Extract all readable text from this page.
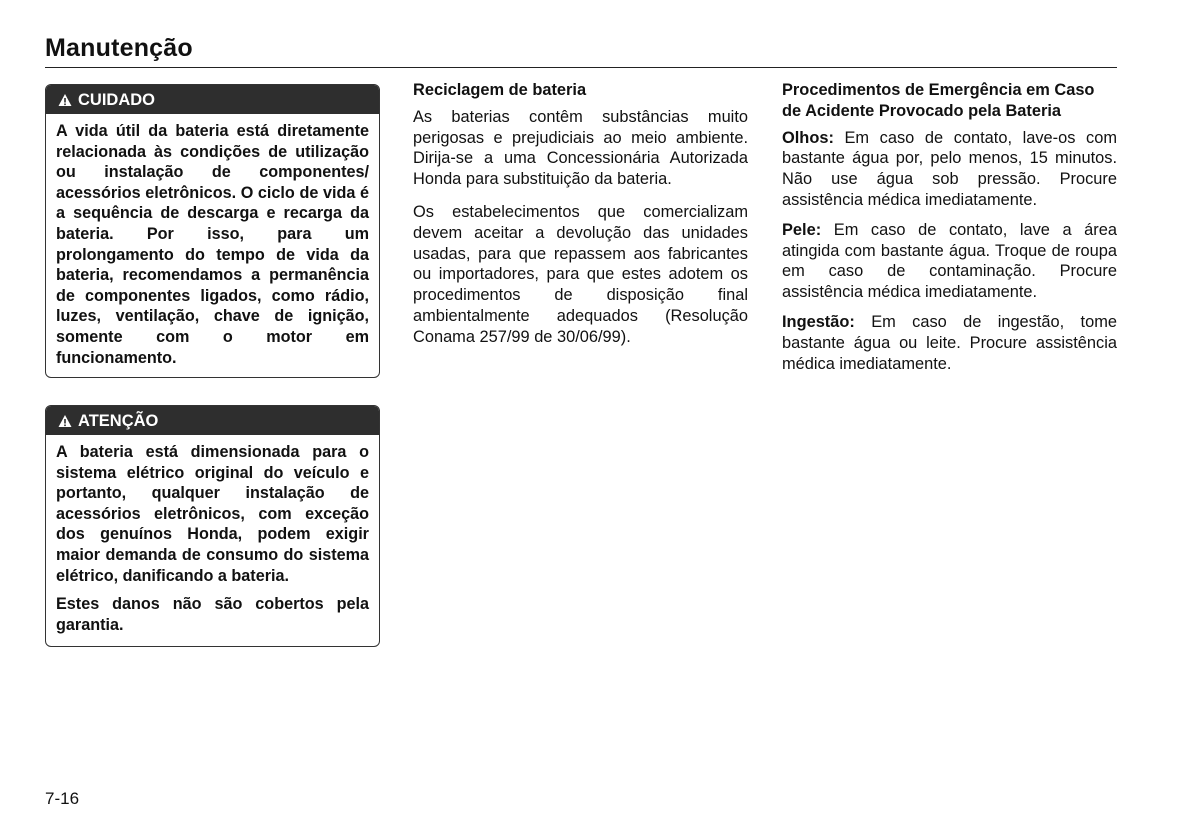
Manutenção
CUIDADO

A vida útil da bateria está diretamente relacionada às condições de utilização ou instalação de componentes/ acessórios eletrônicos. O ciclo de vida é a sequência de descarga e recarga da bateria. Por isso, para um prolongamento do tempo de vida da bateria, recomendamos a permanência de componentes ligados, como rádio, luzes, ventilação, chave de ignição, somente com o motor em funcionamento.

ATENÇÃO

A bateria está dimensionada para o sistema elétrico original do veículo e portanto, qualquer instalação de acessórios eletrônicos, com exceção dos genuínos Honda, podem exigir maior demanda de consumo do sistema elétrico, danificando a bateria.

Estes danos não são cobertos pela garantia.

Reciclagem de bateria

As baterias contêm substâncias muito perigosas e prejudiciais ao meio ambiente. Dirija-se a uma Concessionária Autorizada Honda para substituição da bateria.

Os estabelecimentos que comercializam devem aceitar a devolução das unidades usadas, para que repassem aos fabricantes ou importadores, para que estes adotem os procedimentos de disposição final ambientalmente adequados (Resolução Conama 257/99 de 30/06/99).

Procedimentos de Emergência em Caso de Acidente Provocado pela Bateria

Olhos: Em caso de contato, lave-os com bastante água por, pelo menos, 15 minutos. Não use água sob pressão. Procure assistência médica imediatamente.

Pele: Em caso de contato, lave a área atingida com bastante água. Troque de roupa em caso de contaminação. Procure assistência médica imediatamente.

Ingestão: Em caso de ingestão, tome bastante água ou leite. Procure assistência médica imediatamente.

7-16
